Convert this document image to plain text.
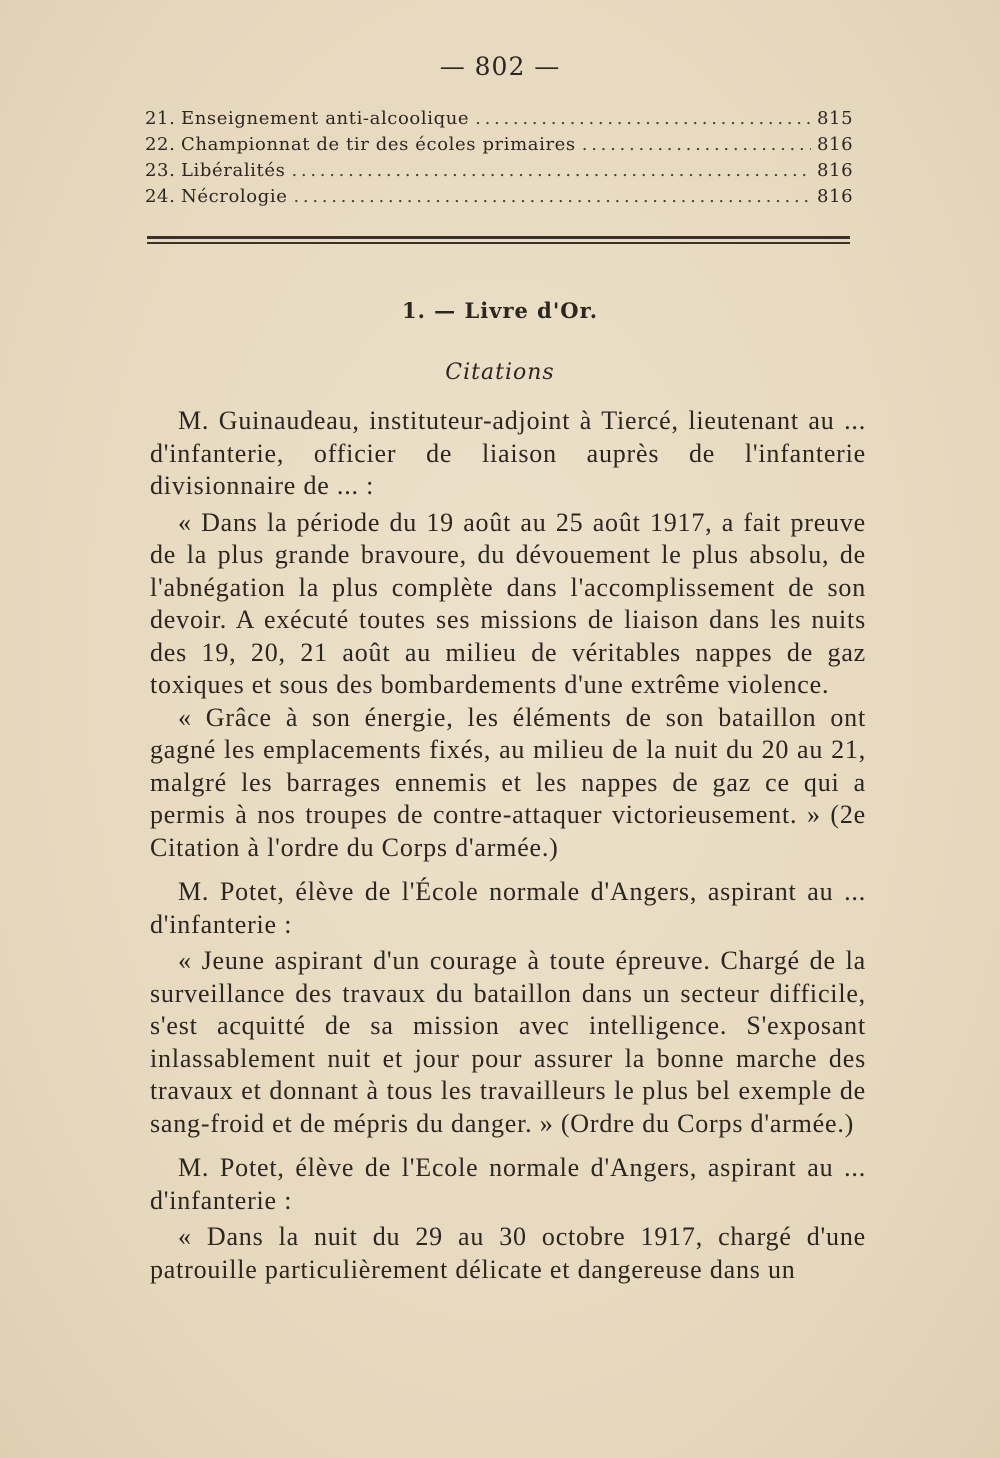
— 802 —
21. Enseignement anti-alcoolique . . .	815
22. Championnat de tir des écoles primaires . . .	816
23. Libéralités . . .	816
24. Nécrologie . . .	816
1. — Livre d'Or.
Citations

M. Guinaudeau, instituteur-adjoint à Tiercé, lieutenant au ... d'infanterie, officier de liaison auprès de l'infanterie divisionnaire de ... :

« Dans la période du 19 août au 25 août 1917, a fait preuve de la plus grande bravoure, du dévouement le plus absolu, de l'abnégation la plus complète dans l'accomplissement de son devoir. A exécuté toutes ses missions de liaison dans les nuits des 19, 20, 21 août au milieu de véritables nappes de gaz toxiques et sous des bombardements d'une extrême violence.

« Grâce à son énergie, les éléments de son bataillon ont gagné les emplacements fixés, au milieu de la nuit du 20 au 21, malgré les barrages ennemis et les nappes de gaz ce qui a permis à nos troupes de contre-attaquer victorieusement. » (2e Citation à l'ordre du Corps d'armée.)

M. Potet, élève de l'École normale d'Angers, aspirant au ... d'infanterie :

« Jeune aspirant d'un courage à toute épreuve. Chargé de la surveillance des travaux du bataillon dans un secteur difficile, s'est acquitté de sa mission avec intelligence. S'exposant inlassablement nuit et jour pour assurer la bonne marche des travaux et donnant à tous les travailleurs le plus bel exemple de sang-froid et de mépris du danger. » (Ordre du Corps d'armée.)

M. Potet, élève de l'Ecole normale d'Angers, aspirant au ... d'infanterie :

« Dans la nuit du 29 au 30 octobre 1917, chargé d'une patrouille particulièrement délicate et dangereuse dans un
